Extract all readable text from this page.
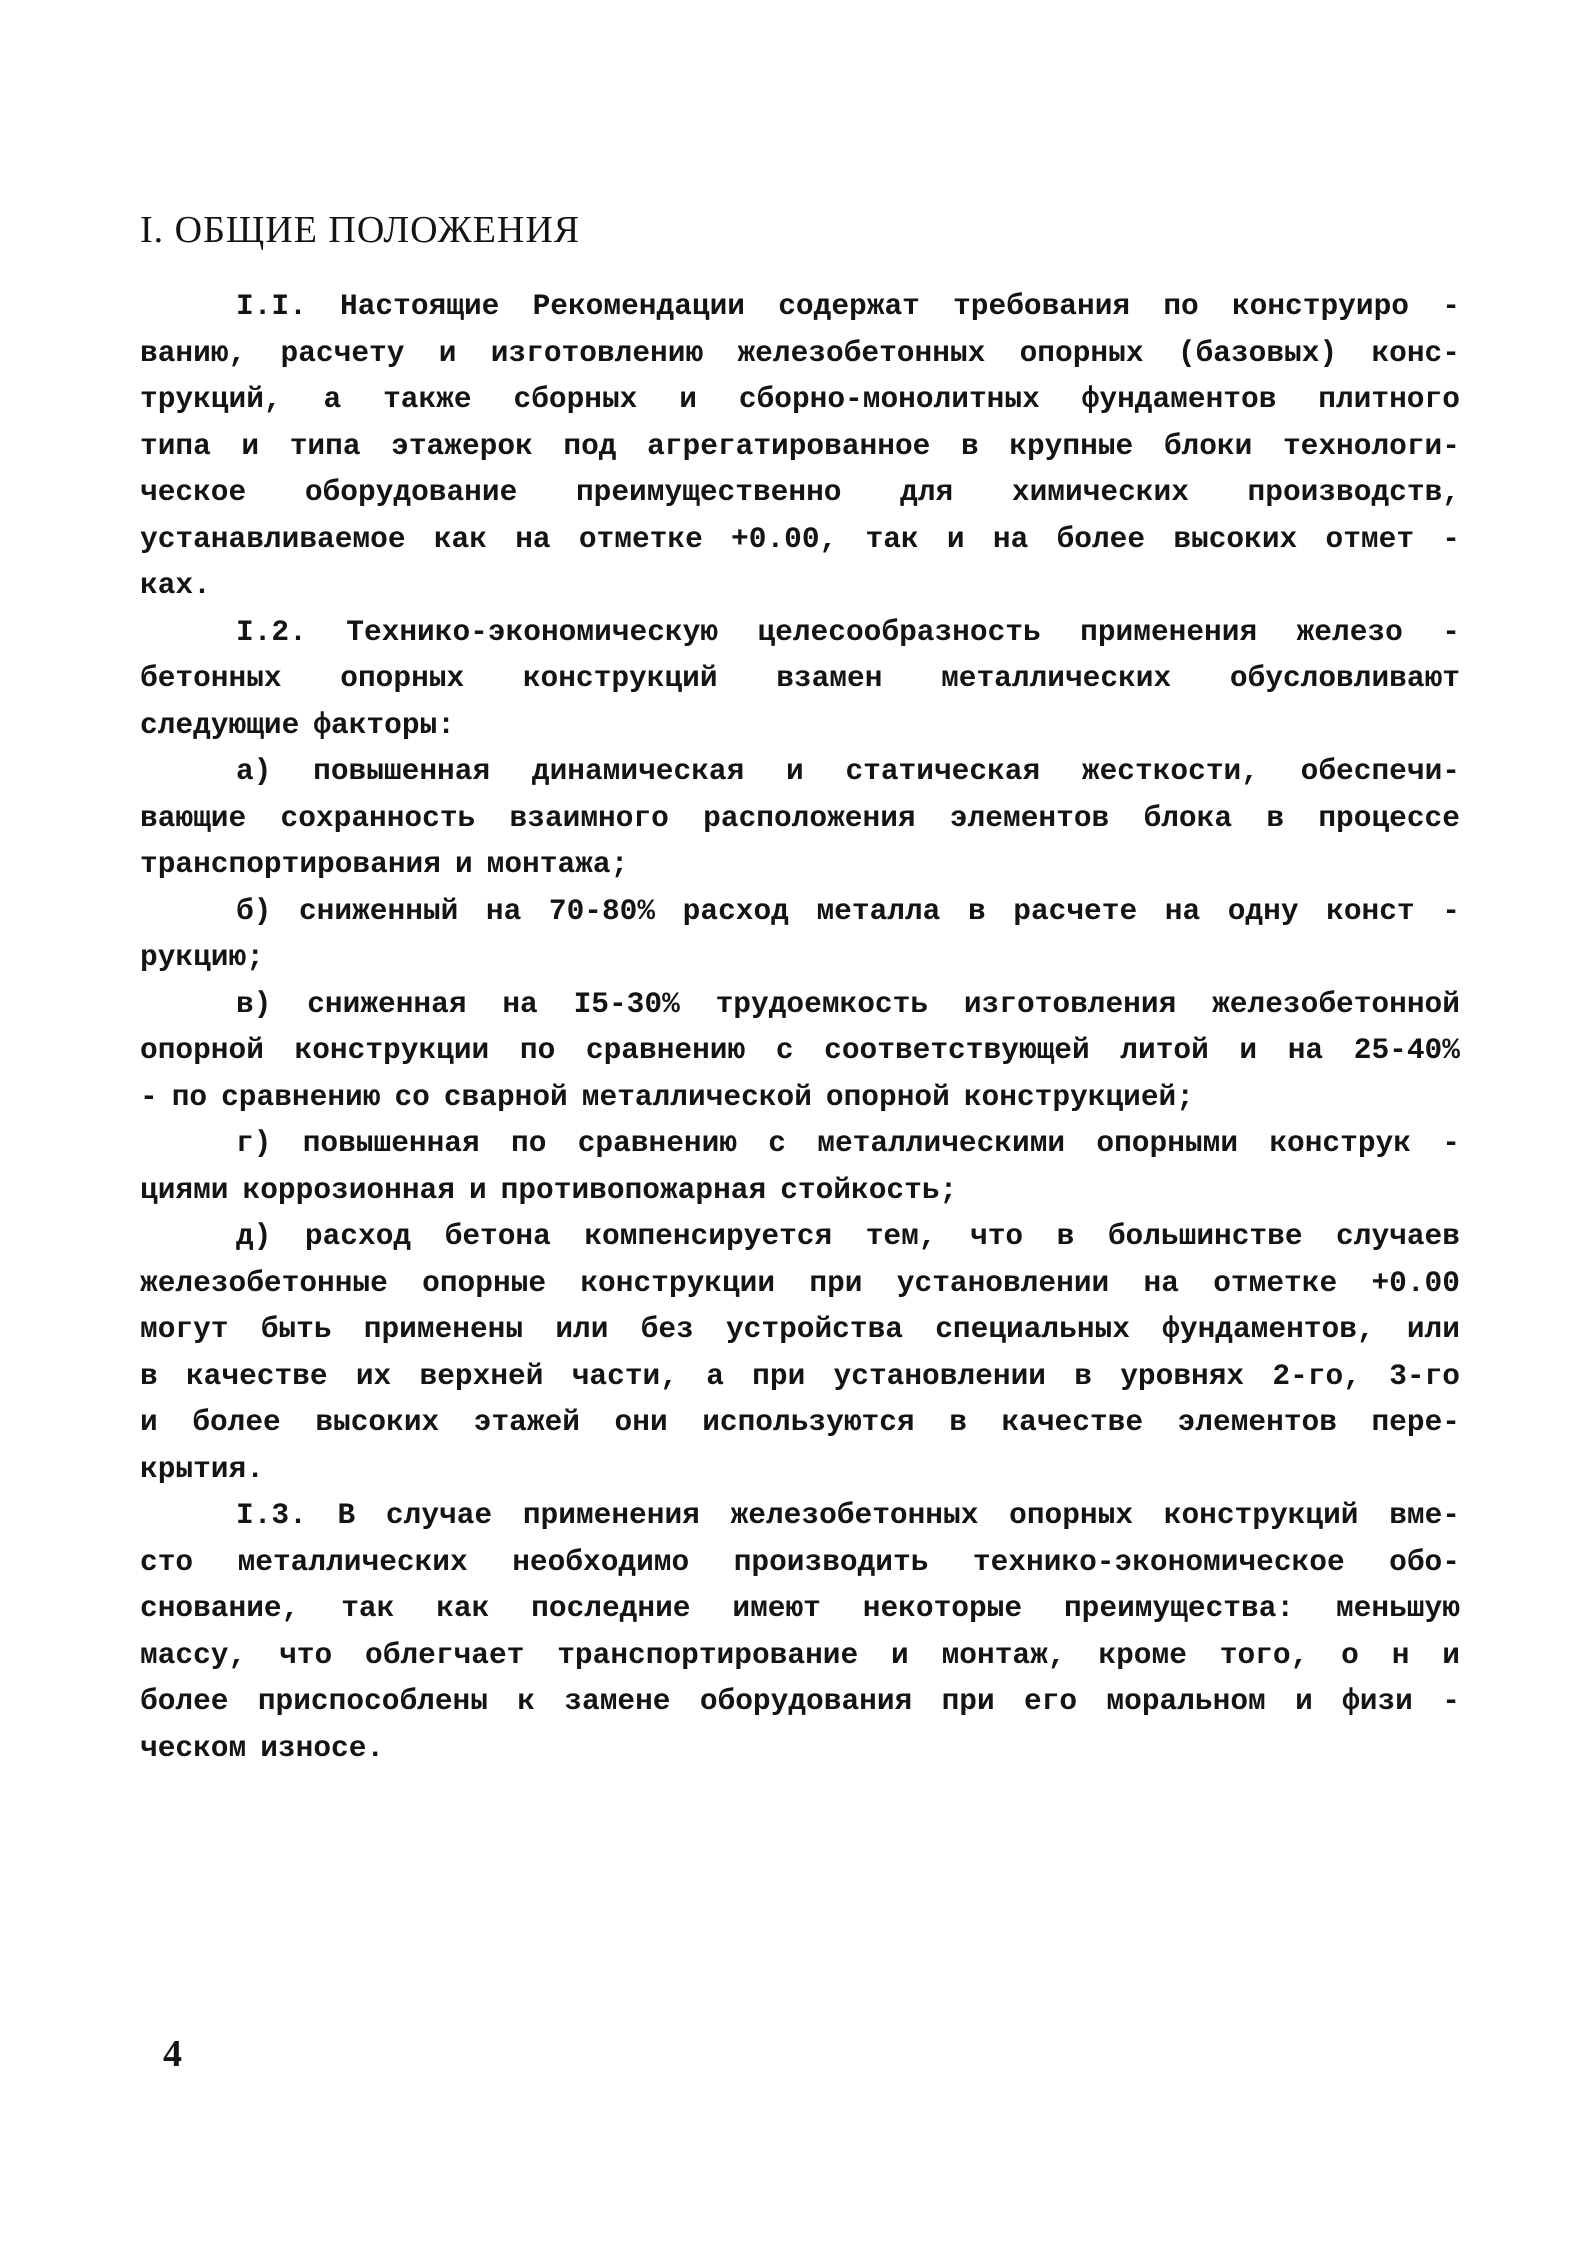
I. ОБЩИЕ ПОЛОЖЕНИЯ
I.I. Настоящие Рекомендации содержат требования по конструиро -
ванию, расчету и изготовлению железобетонных опорных (базовых) конс-
трукций, а также сборных и сборно-монолитных фундаментов плитного
типа и типа этажерок под агрегатированное в крупные блоки технологи-
ческое оборудование преимущественно для химических производств,
устанавливаемое как на отметке +0.00, так и на более высоких отмет -
ках.
I.2. Технико-экономическую целесообразность применения железо -
бетонных опорных конструкций взамен металлических обусловливают
следующие факторы:
а) повышенная динамическая и статическая жесткости, обеспечи-
вающие сохранность взаимного расположения элементов блока в процессе
транспортирования и монтажа;
б) сниженный на 70-80% расход металла в расчете на одну конст -
рукцию;
в) сниженная на I5-30% трудоемкость изготовления железобетонной
опорной конструкции по сравнению с соответствующей литой и на 25-40%
- по сравнению со сварной металлической опорной конструкцией;
г) повышенная по сравнению с металлическими опорными конструк -
циями коррозионная и противопожарная стойкость;
д) расход бетона компенсируется тем, что в большинстве случаев
железобетонные опорные конструкции при установлении на отметке +0.00
могут быть применены или без устройства специальных фундаментов, или
в качестве их верхней части, а при установлении в уровнях 2-го, 3-го
и более высоких этажей они используются в качестве элементов пере-
крытия.
I.3. В случае применения железобетонных опорных конструкций вме-
сто металлических необходимо производить технико-экономическое обо-
снование, так как последние имеют некоторые преимущества: меньшую
массу, что облегчает транспортирование и монтаж, кроме того, о н и
более приспособлены к замене оборудования при его моральном и физи -
ческом износе.
4
